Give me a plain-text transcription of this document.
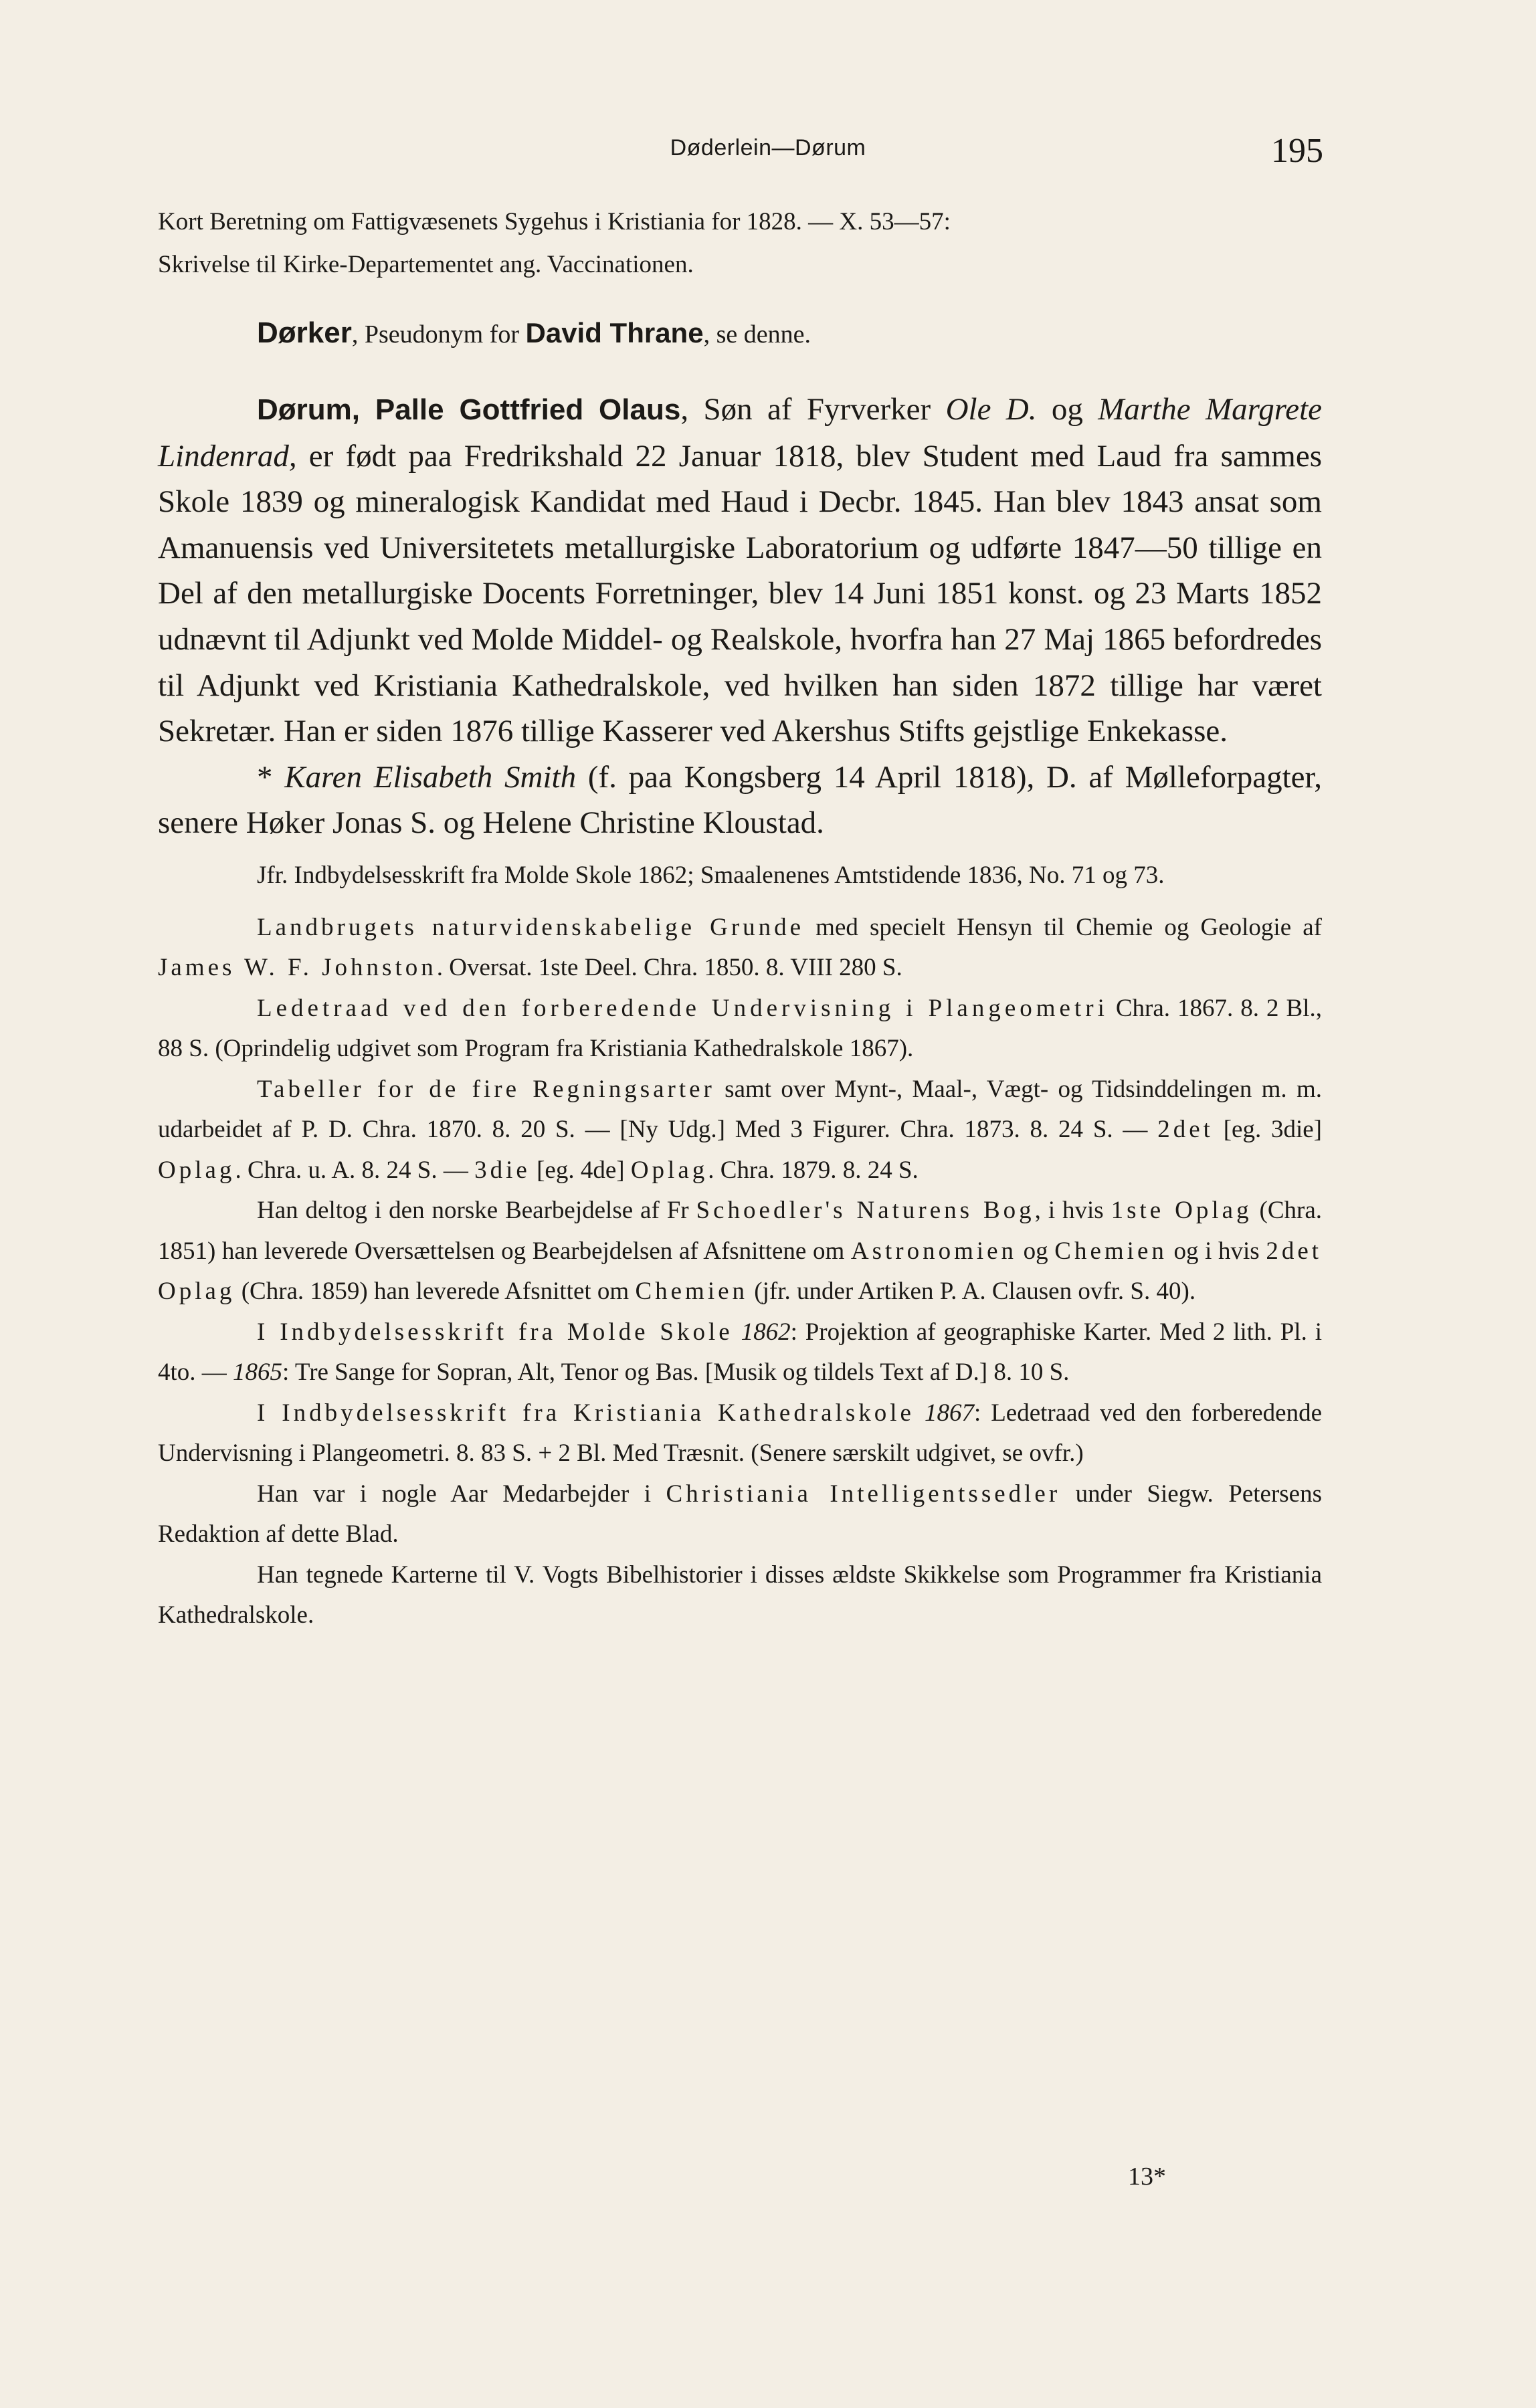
Døderlein—Dørum	195

Kort Beretning om Fattigvæsenets Sygehus i Kristiania for 1828. — X. 53—57:
Skrivelse til Kirke-Departementet ang. Vaccinationen.

Dørker, Pseudonym for David Thrane, se denne.

Dørum, Palle Gottfried Olaus, Søn af Fyrverker Ole D. og Marthe Margrete Lindenrad, er født paa Fredrikshald 22 Januar 1818, blev Student med Laud fra sammes Skole 1839 og mineralogisk Kandidat med Haud i Decbr. 1845. Han blev 1843 ansat som Amanuensis ved Universitetets metallurgiske Laboratorium og udførte 1847—50 tillige en Del af den metallurgiske Docents Forretninger, blev 14 Juni 1851 konst. og 23 Marts 1852 udnævnt til Adjunkt ved Molde Middel- og Realskole, hvorfra han 27 Maj 1865 befordredes til Adjunkt ved Kristiania Kathedralskole, ved hvilken han siden 1872 tillige har været Sekretær. Han er siden 1876 tillige Kasserer ved Akershus Stifts gejstlige Enkekasse.

* Karen Elisabeth Smith (f. paa Kongsberg 14 April 1818), D. af Mølleforpagter, senere Høker Jonas S. og Helene Christine Kloustad.

Jfr. Indbydelsesskrift fra Molde Skole 1862; Smaalenenes Amtstidende 1836, No. 71 og 73.

Landbrugets naturvidenskabelige Grunde med specielt Hensyn til Chemie og Geologie af James W. F. Johnston. Oversat. 1ste Deel. Chra. 1850. 8. VIII 280 S.

Ledetraad ved den forberedende Undervisning i Plangeometri Chra. 1867. 8. 2 Bl., 88 S. (Oprindelig udgivet som Program fra Kristiania Kathedralskole 1867).

Tabeller for de fire Regningsarter samt over Mynt-, Maal-, Vægt- og Tidsinddelingen m. m. udarbeidet af P. D. Chra. 1870. 8. 20 S. — [Ny Udg.] Med 3 Figurer. Chra. 1873. 8. 24 S. — 2det [eg. 3die] Oplag. Chra. u. A. 8. 24 S. — 3die [eg. 4de] Oplag. Chra. 1879. 8. 24 S.

Han deltog i den norske Bearbejdelse af Fr Schoedler's Naturens Bog, i hvis 1ste Oplag (Chra. 1851) han leverede Oversættelsen og Bearbejdelsen af Afsnittene om Astronomien og Chemien og i hvis 2det Oplag (Chra. 1859) han leverede Afsnittet om Chemien (jfr. under Artiken P. A. Clausen ovfr. S. 40).

I Indbydelsesskrift fra Molde Skole 1862: Projektion af geographiske Karter. Med 2 lith. Pl. i 4to. — 1865: Tre Sange for Sopran, Alt, Tenor og Bas. [Musik og tildels Text af D.] 8. 10 S.

I Indbydelsesskrift fra Kristiania Kathedralskole 1867: Ledetraad ved den forberedende Undervisning i Plangeometri. 8. 83 S. + 2 Bl. Med Træsnit. (Senere særskilt udgivet, se ovfr.)

Han var i nogle Aar Medarbejder i Christiania Intelligentssedler under Siegw. Petersens Redaktion af dette Blad.

Han tegnede Karterne til V. Vogts Bibelhistorier i disses ældste Skikkelse som Programmer fra Kristiania Kathedralskole.

13*
